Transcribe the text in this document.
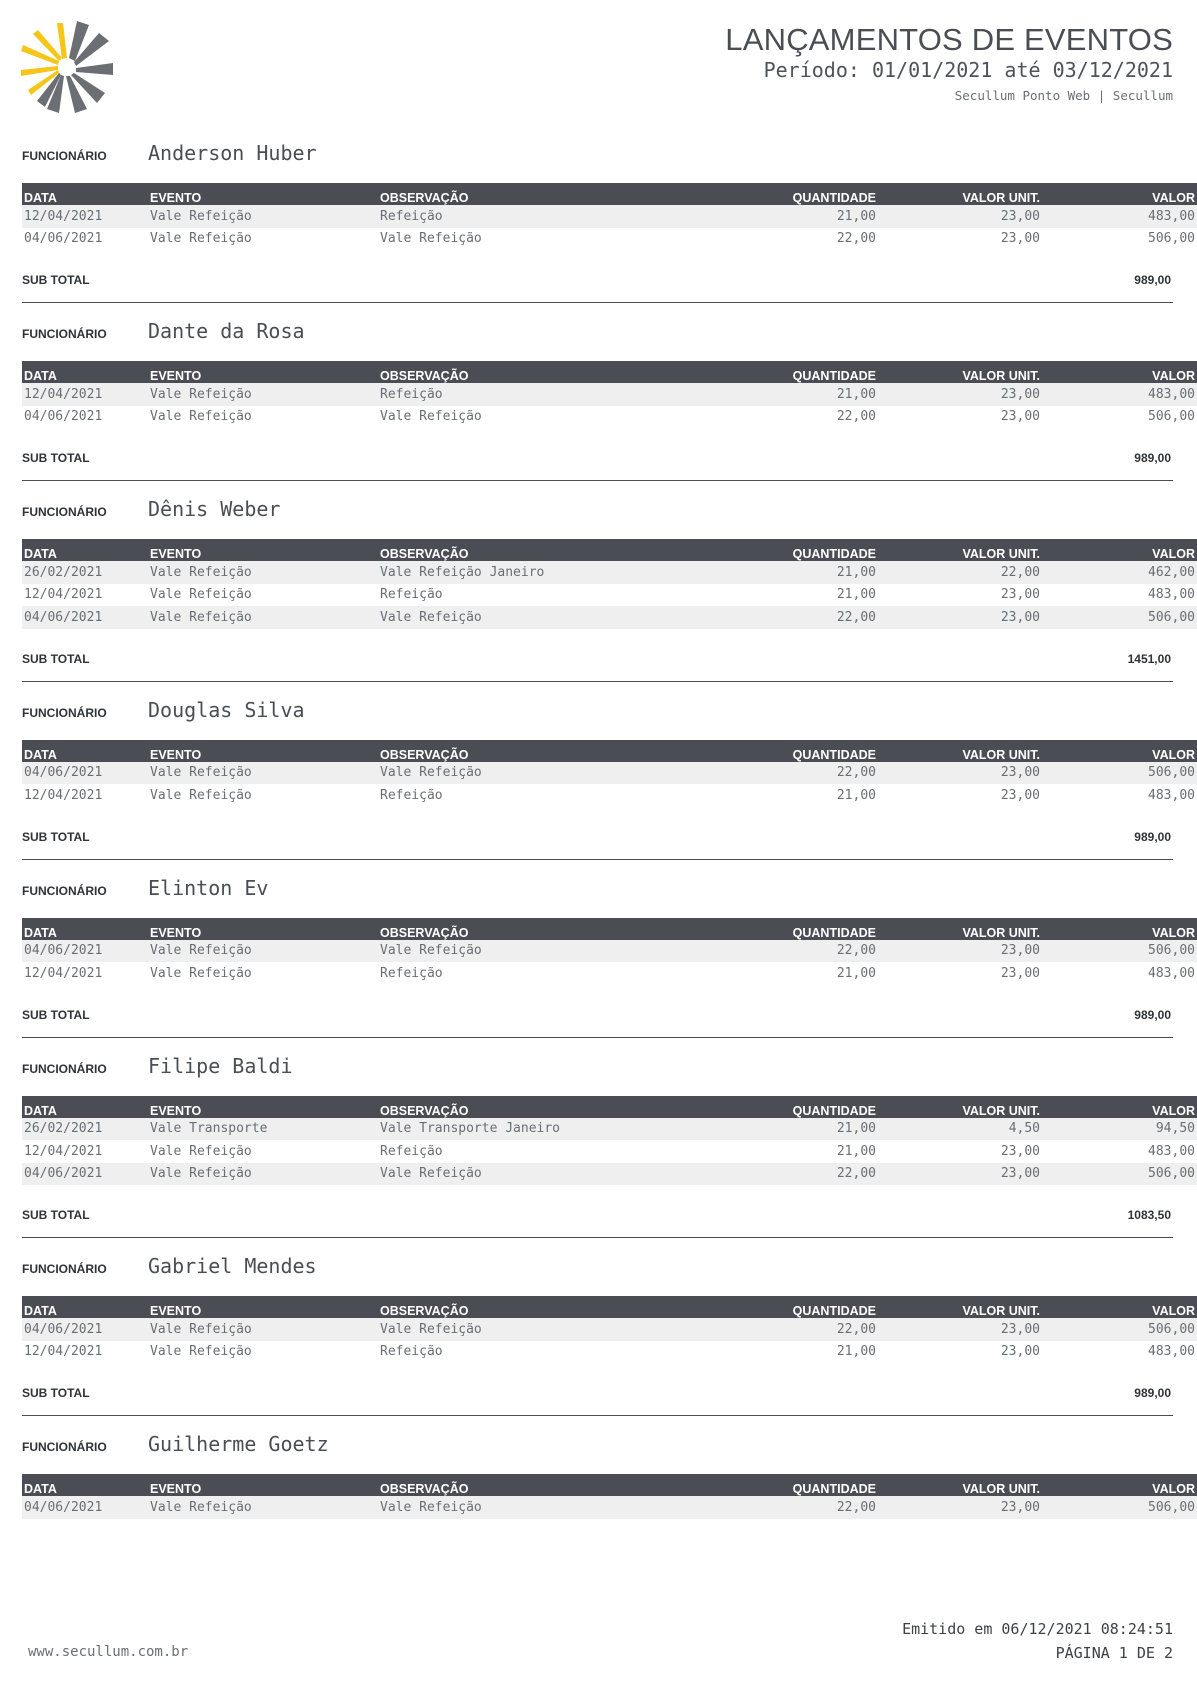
LANÇAMENTOS DE EVENTOS
Período: 01/01/2021 até 03/12/2021
Secullum Ponto Web | Secullum
FUNCIONÁRIO Anderson Huber
DATA	EVENTO	OBSERVAÇÃO	QUANTIDADE	VALOR UNIT.	VALOR
12/04/2021	Vale Refeição	Refeição	21,00	23,00	483,00
04/06/2021	Vale Refeição	Vale Refeição	22,00	23,00	506,00
SUB TOTAL	989,00
FUNCIONÁRIO Dante da Rosa
DATA	EVENTO	OBSERVAÇÃO	QUANTIDADE	VALOR UNIT.	VALOR
12/04/2021	Vale Refeição	Refeição	21,00	23,00	483,00
04/06/2021	Vale Refeição	Vale Refeição	22,00	23,00	506,00
SUB TOTAL	989,00
FUNCIONÁRIO Dênis Weber
DATA	EVENTO	OBSERVAÇÃO	QUANTIDADE	VALOR UNIT.	VALOR
26/02/2021	Vale Refeição	Vale Refeição Janeiro	21,00	22,00	462,00
12/04/2021	Vale Refeição	Refeição	21,00	23,00	483,00
04/06/2021	Vale Refeição	Vale Refeição	22,00	23,00	506,00
SUB TOTAL	1451,00
FUNCIONÁRIO Douglas Silva
DATA	EVENTO	OBSERVAÇÃO	QUANTIDADE	VALOR UNIT.	VALOR
04/06/2021	Vale Refeição	Vale Refeição	22,00	23,00	506,00
12/04/2021	Vale Refeição	Refeição	21,00	23,00	483,00
SUB TOTAL	989,00
FUNCIONÁRIO Elinton Ev
DATA	EVENTO	OBSERVAÇÃO	QUANTIDADE	VALOR UNIT.	VALOR
04/06/2021	Vale Refeição	Vale Refeição	22,00	23,00	506,00
12/04/2021	Vale Refeição	Refeição	21,00	23,00	483,00
SUB TOTAL	989,00
FUNCIONÁRIO Filipe Baldi
DATA	EVENTO	OBSERVAÇÃO	QUANTIDADE	VALOR UNIT.	VALOR
26/02/2021	Vale Transporte	Vale Transporte Janeiro	21,00	4,50	94,50
12/04/2021	Vale Refeição	Refeição	21,00	23,00	483,00
04/06/2021	Vale Refeição	Vale Refeição	22,00	23,00	506,00
SUB TOTAL	1083,50
FUNCIONÁRIO Gabriel Mendes
DATA	EVENTO	OBSERVAÇÃO	QUANTIDADE	VALOR UNIT.	VALOR
04/06/2021	Vale Refeição	Vale Refeição	22,00	23,00	506,00
12/04/2021	Vale Refeição	Refeição	21,00	23,00	483,00
SUB TOTAL	989,00
FUNCIONÁRIO Guilherme Goetz
DATA	EVENTO	OBSERVAÇÃO	QUANTIDADE	VALOR UNIT.	VALOR
04/06/2021	Vale Refeição	Vale Refeição	22,00	23,00	506,00
www.secullum.com.br
Emitido em 06/12/2021 08:24:51
PÁGINA 1 DE 2
